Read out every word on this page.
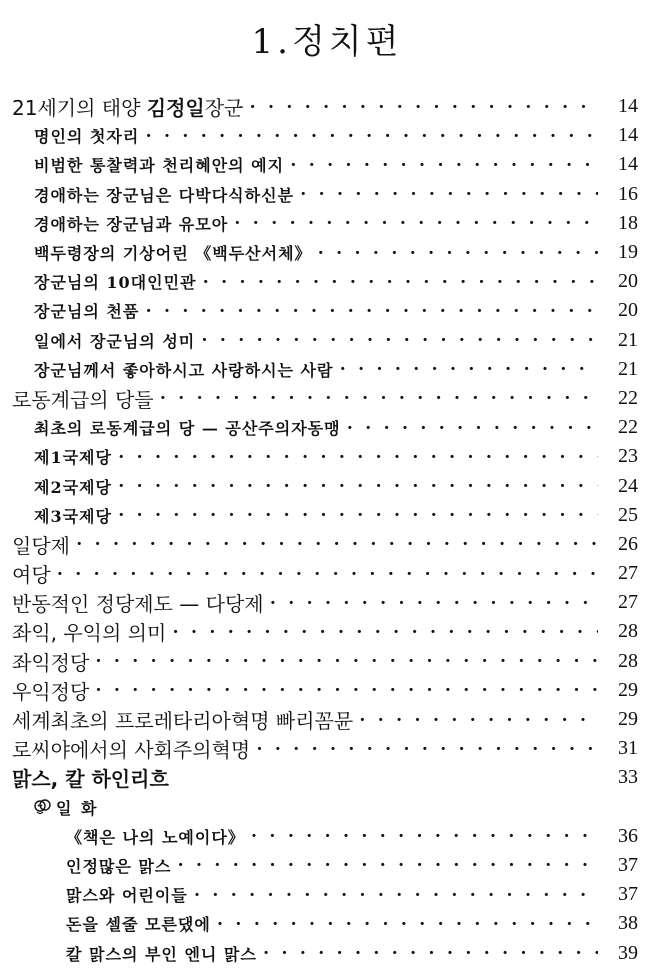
1.정치편
21세기의 태양 김정일장군 • • •	14
명인의 첫자리 • • •	14
비범한 통찰력과 천리혜안의 예지 • • •	14
경애하는 장군님은 다박다식하신분 • • •	16
경애하는 장군님과 유모아 • • •	18
백두령장의 기상어린 《백두산서체》 • • •	19
장군님의 10대인민관 • • •	20
장군님의 천품 • • •	20
일에서 장군님의 성미 • • •	21
장군님께서 좋아하시고 사랑하시는 사람 • • •	21
로동계급의 당들 • • •	22
최초의 로동계급의 당 — 공산주의자동맹 • • •	22
제1국제당 • • •	23
제2국제당 • • •	24
제3국제당 • • •	25
일당제 • • •	26
여당 • • •	27
반동적인 정당제도 — 다당제 • • •	27
좌익, 우익의 의미 • • •	28
좌익정당 • • •	28
우익정당 • • •	29
세계최초의 프로레타리아혁명 빠리꼼뮨 • • •	29
로씨야에서의 사회주의혁명 • • •	31
맑스, 칼 하인리흐	33
일 화
《책은 나의 노예이다》 • • •	36
인정많은 맑스 • • •	37
맑스와 어린이들 • • •	37
돈을 셀줄 모른댔에 • • •	38
칼 맑스의 부인 엔니 맑스 • • •	39
